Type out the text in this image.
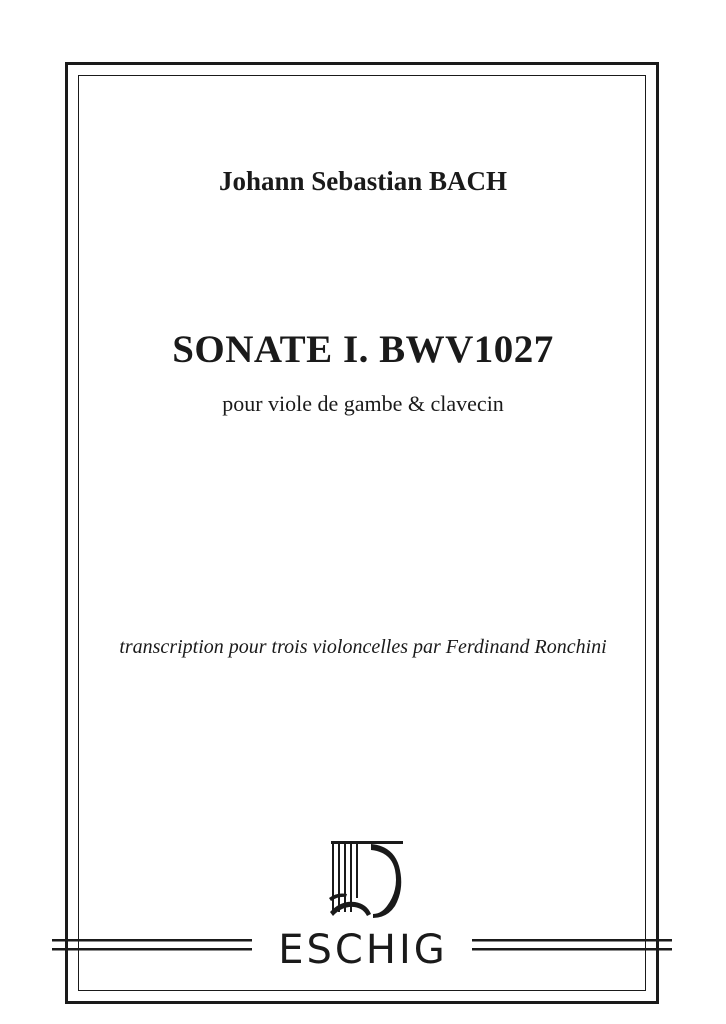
Johann Sebastian BACH
SONATE I. BWV1027
pour viole de gambe & clavecin
transcription pour trois violoncelles par Ferdinand Ronchini
ESCHIG
